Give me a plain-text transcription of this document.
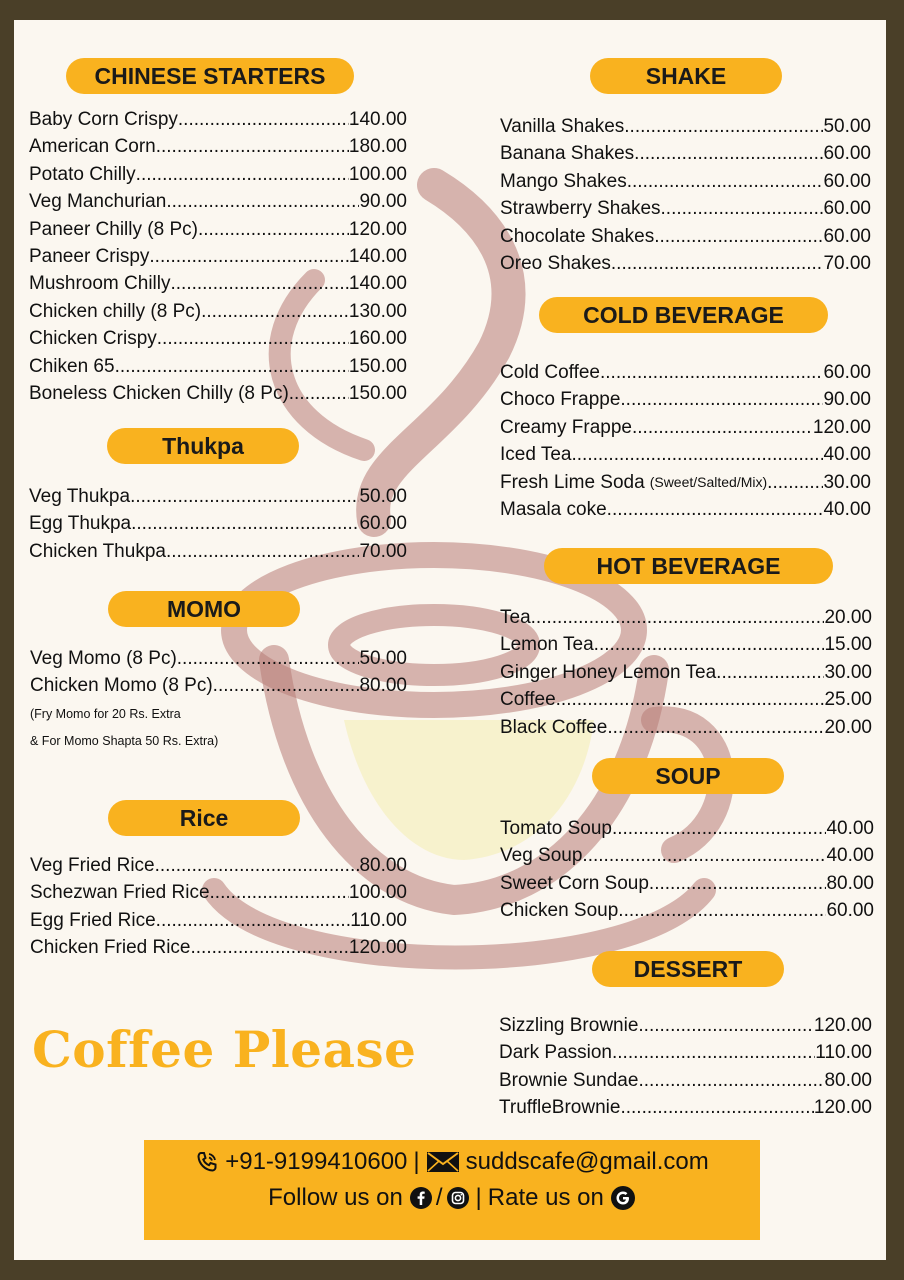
CHINESE STARTERS
Baby Corn Crispy .....	140.00
American Corn .....	180.00
Potato Chilly .....	100.00
Veg Manchurian .....	90.00
Paneer Chilly (8 Pc) .....	120.00
Paneer Crispy .....	140.00
Mushroom Chilly .....	140.00
Chicken chilly (8 Pc) .....	130.00
Chicken Crispy .....	160.00
Chiken 65 .....	150.00
Boneless Chicken Chilly (8 Pc) .....	150.00
Thukpa
Veg Thukpa .....	50.00
Egg Thukpa .....	60.00
Chicken Thukpa .....	70.00
MOMO
Veg Momo (8 Pc) .....	50.00
Chicken Momo (8 Pc) .....	80.00
(Fry Momo for 20 Rs. Extra
& For Momo Shapta 50 Rs. Extra)
Rice
Veg Fried Rice .....	80.00
Schezwan Fried Rice .....	100.00
Egg Fried Rice .....	110.00
Chicken Fried Rice .....	120.00
Coffee Please
SHAKE
Vanilla Shakes .....	50.00
Banana Shakes .....	60.00
Mango Shakes .....	60.00
Strawberry Shakes .....	60.00
Chocolate Shakes .....	60.00
Oreo Shakes .....	70.00
COLD BEVERAGE
Cold Coffee .....	60.00
Choco Frappe .....	90.00
Creamy Frappe .....	120.00
Iced Tea .....	40.00
Fresh Lime Soda (Sweet/Salted/Mix) .....	30.00
Masala coke .....	40.00
HOT BEVERAGE
Tea .....	20.00
Lemon Tea .....	15.00
Ginger Honey Lemon Tea .....	30.00
Coffee .....	25.00
Black Coffee .....	20.00
SOUP
Tomato Soup .....	40.00
Veg Soup .....	40.00
Sweet Corn Soup .....	80.00
Chicken Soup .....	60.00
DESSERT
Sizzling Brownie .....	120.00
Dark Passion .....	110.00
Brownie Sundae .....	80.00
TruffleBrownie .....	120.00
+91-9199410600 | suddscafe@gmail.com
Follow us on / | Rate us on
